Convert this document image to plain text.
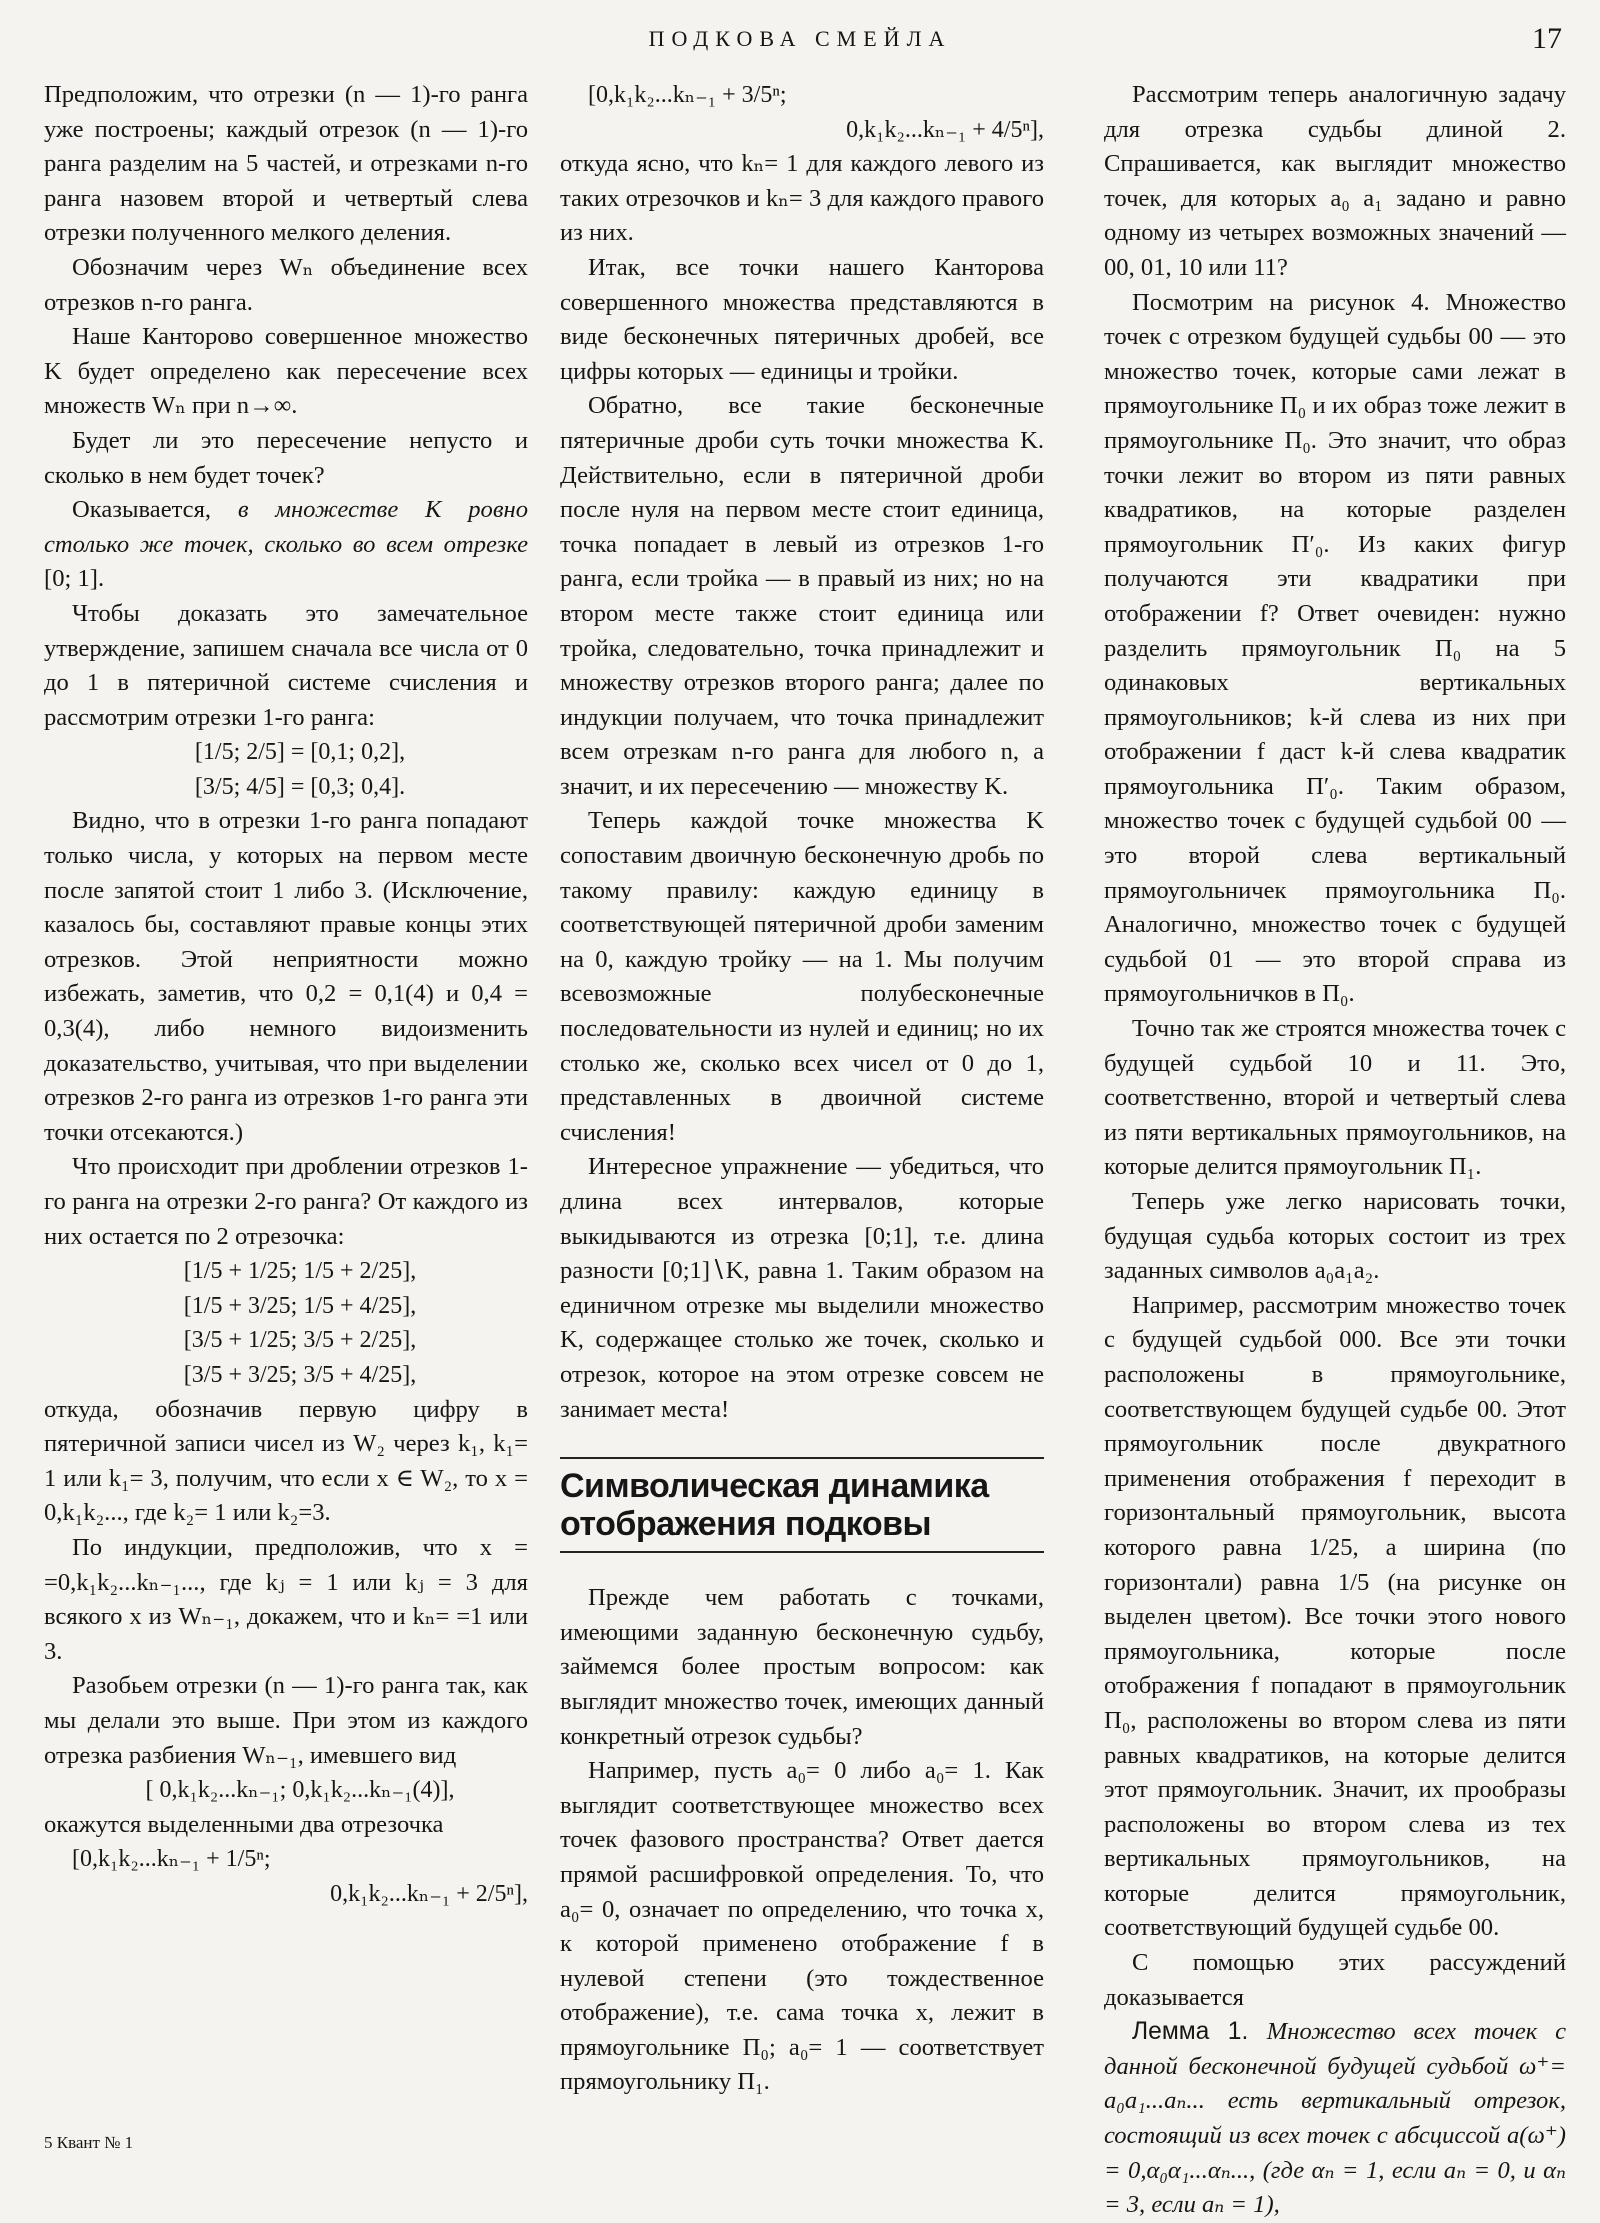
ПОДКОВА СМЕЙЛА	17

Предположим, что отрезки (n — 1)-го ранга уже построены; каждый отрезок (n — 1)-го ранга разделим на 5 частей, и отрезками n-го ранга назовем второй и четвертый слева отрезки полученного мелкого деления.

Обозначим через Wₙ объединение всех отрезков n-го ранга.

Наше Канторово совершенное множество K будет определено как пересечение всех множеств Wₙ при n→∞.

Будет ли это пересечение непусто и сколько в нем будет точек?

Оказывается, в множестве K ровно столько же точек, сколько во всем отрезке [0; 1].

Чтобы доказать это замечательное утверждение, запишем сначала все числа от 0 до 1 в пятеричной системе счисления и рассмотрим отрезки 1-го ранга:

[1/5; 2/5] = [0,1; 0,2],

[3/5; 4/5] = [0,3; 0,4].

Видно, что в отрезки 1-го ранга попадают только числа, у которых на первом месте после запятой стоит 1 либо 3. (Исключение, казалось бы, составляют правые концы этих отрезков. Этой неприятности можно избежать, заметив, что 0,2 = 0,1(4) и 0,4 = 0,3(4), либо немного видоизменить доказательство, учитывая, что при выделении отрезков 2-го ранга из отрезков 1-го ранга эти точки отсекаются.)

Что происходит при дроблении отрезков 1-го ранга на отрезки 2-го ранга? От каждого из них остается по 2 отрезочка:

[1/5 + 1/25; 1/5 + 2/25],

[1/5 + 3/25; 1/5 + 4/25],

[3/5 + 1/25; 3/5 + 2/25],

[3/5 + 3/25; 3/5 + 4/25],

откуда, обозначив первую цифру в пятеричной записи чисел из W₂ через k₁, k₁= 1 или k₁= 3, получим, что если x ∈ W₂, то x = 0,k₁k₂..., где k₂= 1 или k₂=3.

По индукции, предположив, что x = =0,k₁k₂...kₙ₋₁..., где kⱼ = 1 или kⱼ = 3 для всякого x из Wₙ₋₁, докажем, что и kₙ= =1 или 3.

Разобьем отрезки (n — 1)-го ранга так, как мы делали это выше. При этом из каждого отрезка разбиения Wₙ₋₁, имевшего вид

[ 0,k₁k₂...kₙ₋₁; 0,k₁k₂...kₙ₋₁(4)],

окажутся выделенными два отрезочка

[0,k₁k₂...kₙ₋₁ + 1/5ⁿ;

0,k₁k₂...kₙ₋₁ + 2/5ⁿ],

[0,k₁k₂...kₙ₋₁ + 3/5ⁿ;

0,k₁k₂...kₙ₋₁ + 4/5ⁿ],

откуда ясно, что kₙ= 1 для каждого левого из таких отрезочков и kₙ= 3 для каждого правого из них.

Итак, все точки нашего Канторова совершенного множества представляются в виде бесконечных пятеричных дробей, все цифры которых — единицы и тройки.

Обратно, все такие бесконечные пятеричные дроби суть точки множества K. Действительно, если в пятеричной дроби после нуля на первом месте стоит единица, точка попадает в левый из отрезков 1-го ранга, если тройка — в правый из них; но на втором месте также стоит единица или тройка, следовательно, точка принадлежит и множеству отрезков второго ранга; далее по индукции получаем, что точка принадлежит всем отрезкам n-го ранга для любого n, а значит, и их пересечению — множеству K.

Теперь каждой точке множества K сопоставим двоичную бесконечную дробь по такому правилу: каждую единицу в соответствующей пятеричной дроби заменим на 0, каждую тройку — на 1. Мы получим всевозможные полубесконечные последовательности из нулей и единиц; но их столько же, сколько всех чисел от 0 до 1, представленных в двоичной системе счисления!

Интересное упражнение — убедиться, что длина всех интервалов, которые выкидываются из отрезка [0;1], т.е. длина разности [0;1]∖K, равна 1. Таким образом на единичном отрезке мы выделили множество K, содержащее столько же точек, сколько и отрезок, которое на этом отрезке совсем не занимает места!

Символическая динамика отображения подковы

Прежде чем работать с точками, имеющими заданную бесконечную судьбу, займемся более простым вопросом: как выглядит множество точек, имеющих данный конкретный отрезок судьбы?

Например, пусть a₀= 0 либо a₀= 1. Как выглядит соответствующее множество всех точек фазового пространства? Ответ дается прямой расшифровкой определения. То, что a₀= 0, означает по определению, что точка x, к которой применено отображение f в нулевой степени (это тождественное отображение), т.е. сама точка x, лежит в прямоугольнике Π₀; a₀= 1 — соответствует прямоугольнику Π₁.

Рассмотрим теперь аналогичную задачу для отрезка судьбы длиной 2. Спрашивается, как выглядит множество точек, для которых a₀ a₁ задано и равно одному из четырех возможных значений — 00, 01, 10 или 11?

Посмотрим на рисунок 4. Множество точек с отрезком будущей судьбы 00 — это множество точек, которые сами лежат в прямоугольнике Π₀ и их образ тоже лежит в прямоугольнике Π₀. Это значит, что образ точки лежит во втором из пяти равных квадратиков, на которые разделен прямоугольник Π′₀. Из каких фигур получаются эти квадратики при отображении f? Ответ очевиден: нужно разделить прямоугольник Π₀ на 5 одинаковых вертикальных прямоугольников; k-й слева из них при отображении f даст k-й слева квадратик прямоугольника Π′₀. Таким образом, множество точек с будущей судьбой 00 — это второй слева вертикальный прямоугольничек прямоугольника Π₀. Аналогично, множество точек с будущей судьбой 01 — это второй справа из прямоугольничков в Π₀.

Точно так же строятся множества точек с будущей судьбой 10 и 11. Это, соответственно, второй и четвертый слева из пяти вертикальных прямоугольников, на которые делится прямоугольник Π₁.

Теперь уже легко нарисовать точки, будущая судьба которых состоит из трех заданных символов a₀a₁a₂.

Например, рассмотрим множество точек с будущей судьбой 000. Все эти точки расположены в прямоугольнике, соответствующем будущей судьбе 00. Этот прямоугольник после двукратного применения отображения f переходит в горизонтальный прямоугольник, высота которого равна 1/25, а ширина (по горизонтали) равна 1/5 (на рисунке он выделен цветом). Все точки этого нового прямоугольника, которые после отображения f попадают в прямоугольник Π₀, расположены во втором слева из пяти равных квадратиков, на которые делится этот прямоугольник. Значит, их прообразы расположены во втором слева из тех вертикальных прямоугольников, на которые делится прямоугольник, соответствующий будущей судьбе 00.

С помощью этих рассуждений доказывается

Лемма 1. Множество всех точек с данной бесконечной будущей судьбой ω⁺= a₀a₁...aₙ... есть вертикальный отрезок, состоящий из всех точек с абсциссой a(ω⁺) = 0,α₀α₁...αₙ..., (где αₙ = 1, если aₙ = 0, и αₙ = 3, если aₙ = 1),

5 Квант № 1
